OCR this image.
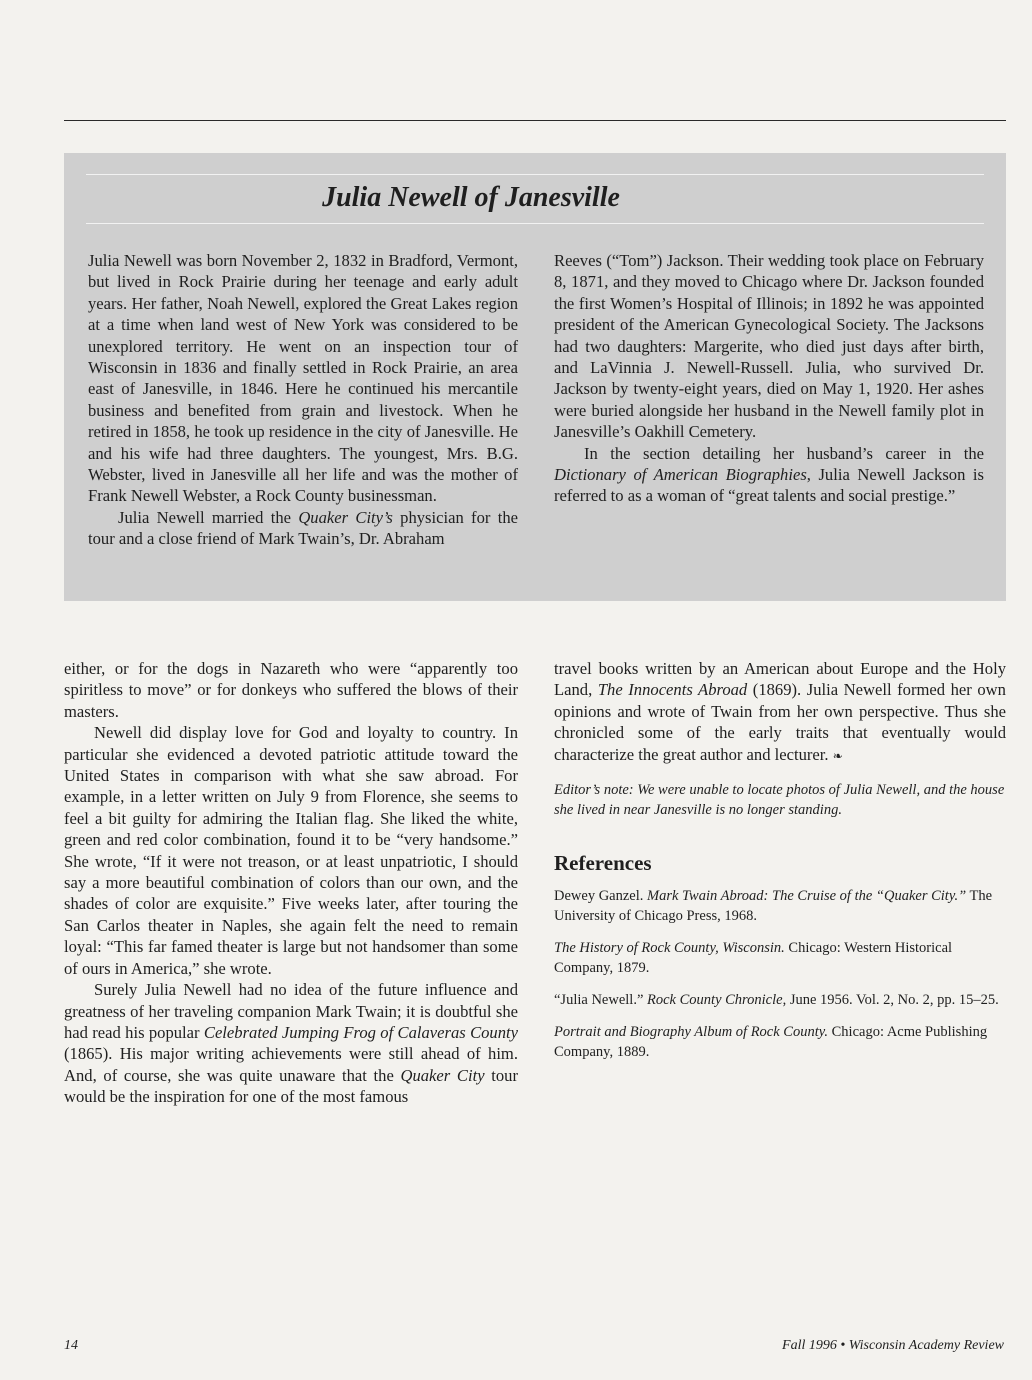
Julia Newell of Janesville

Julia Newell was born November 2, 1832 in Bradford, Vermont, but lived in Rock Prairie during her teenage and early adult years. Her father, Noah Newell, explored the Great Lakes region at a time when land west of New York was considered to be unexplored territory. He went on an inspection tour of Wisconsin in 1836 and finally settled in Rock Prairie, an area east of Janesville, in 1846. Here he continued his mercantile business and benefited from grain and livestock. When he retired in 1858, he took up residence in the city of Janesville. He and his wife had three daughters. The youngest, Mrs. B.G. Webster, lived in Janesville all her life and was the mother of Frank Newell Webster, a Rock County businessman.

Julia Newell married the Quaker City’s physician for the tour and a close friend of Mark Twain’s, Dr. Abraham

Reeves (“Tom”) Jackson. Their wedding took place on February 8, 1871, and they moved to Chicago where Dr. Jackson founded the first Women’s Hospital of Illinois; in 1892 he was appointed president of the American Gynecological Society. The Jacksons had two daughters: Margerite, who died just days after birth, and LaVinnia J. Newell-Russell. Julia, who survived Dr. Jackson by twenty-eight years, died on May 1, 1920. Her ashes were buried alongside her husband in the Newell family plot in Janesville’s Oakhill Cemetery.

In the section detailing her husband’s career in the Dictionary of American Biographies, Julia Newell Jackson is referred to as a woman of “great talents and social prestige.”

either, or for the dogs in Nazareth who were “apparently too spiritless to move” or for donkeys who suffered the blows of their masters.

Newell did display love for God and loyalty to country. In particular she evidenced a devoted patriotic attitude toward the United States in comparison with what she saw abroad. For example, in a letter written on July 9 from Florence, she seems to feel a bit guilty for admiring the Italian flag. She liked the white, green and red color combination, found it to be “very handsome.” She wrote, “If it were not treason, or at least unpatriotic, I should say a more beautiful combination of colors than our own, and the shades of color are exquisite.” Five weeks later, after touring the San Carlos theater in Naples, she again felt the need to remain loyal: “This far famed theater is large but not handsomer than some of ours in America,” she wrote.

Surely Julia Newell had no idea of the future influence and greatness of her traveling companion Mark Twain; it is doubtful she had read his popular Celebrated Jumping Frog of Calaveras County (1865). His major writing achievements were still ahead of him. And, of course, she was quite unaware that the Quaker City tour would be the inspiration for one of the most famous

travel books written by an American about Europe and the Holy Land, The Innocents Abroad (1869). Julia Newell formed her own opinions and wrote of Twain from her own perspective. Thus she chronicled some of the early traits that eventually would characterize the great author and lecturer. ❧

Editor’s note: We were unable to locate photos of Julia Newell, and the house she lived in near Janesville is no longer standing.

References

Dewey Ganzel. Mark Twain Abroad: The Cruise of the “Quaker City.” The University of Chicago Press, 1968.

The History of Rock County, Wisconsin. Chicago: Western Historical Company, 1879.

“Julia Newell.” Rock County Chronicle, June 1956. Vol. 2, No. 2, pp. 15–25.

Portrait and Biography Album of Rock County. Chicago: Acme Publishing Company, 1889.

14	Fall 1996 • Wisconsin Academy Review
